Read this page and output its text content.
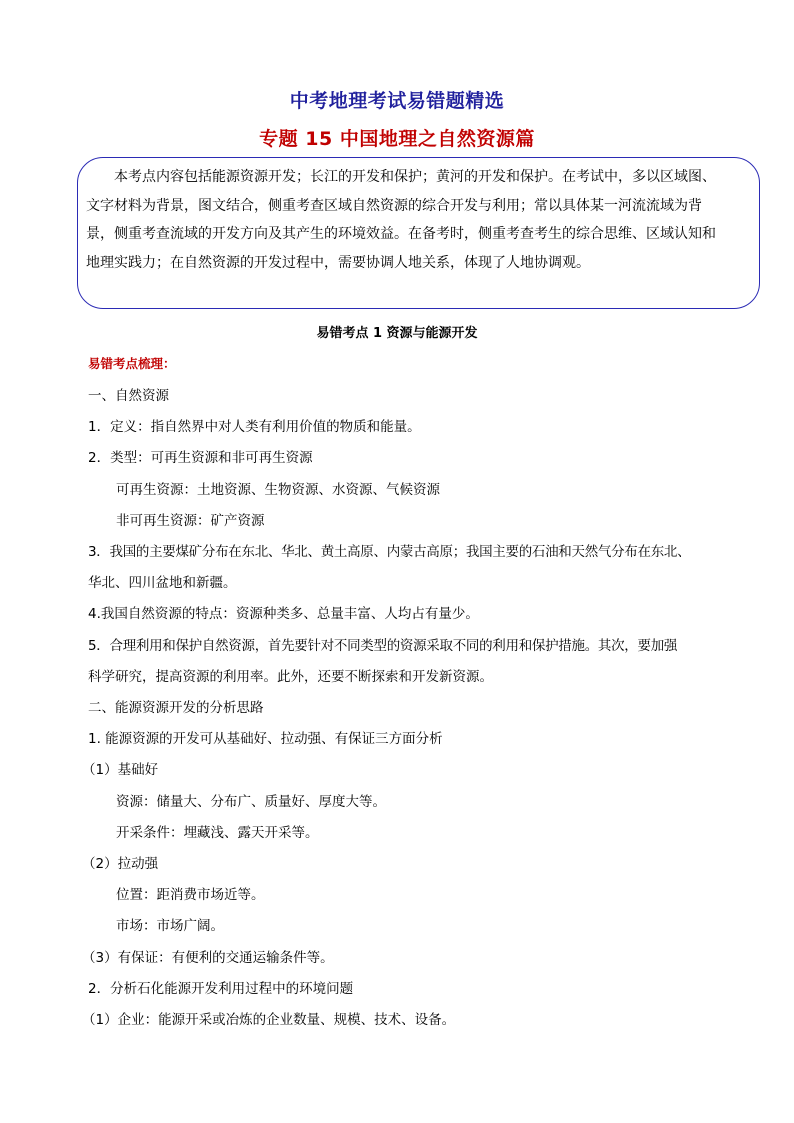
中考地理考试易错题精选
专题 15 中国地理之自然资源篇
本考点内容包括能源资源开发；长江的开发和保护；黄河的开发和保护。在考试中，多以区域图、文字材料为背景，图文结合，侧重考查区域自然资源的综合开发与利用；常以具体某一河流流域为背景，侧重考查流域的开发方向及其产生的环境效益。在备考时，侧重考查考生的综合思维、区域认知和地理实践力；在自然资源的开发过程中，需要协调人地关系，体现了人地协调观。
易错考点 1 资源与能源开发
易错考点梳理：
一、自然资源
1．定义：指自然界中对人类有利用价值的物质和能量。
2．类型：可再生资源和非可再生资源
可再生资源：土地资源、生物资源、水资源、气候资源
非可再生资源：矿产资源
3．我国的主要煤矿分布在东北、华北、黄土高原、内蒙古高原；我国主要的石油和天然气分布在东北、
华北、四川盆地和新疆。
4.我国自然资源的特点：资源种类多、总量丰富、人均占有量少。
5．合理利用和保护自然资源，首先要针对不同类型的资源采取不同的利用和保护措施。其次，要加强
科学研究，提高资源的利用率。此外，还要不断探索和开发新资源。
二、能源资源开发的分析思路
1. 能源资源的开发可从基础好、拉动强、有保证三方面分析
（1）基础好
资源：储量大、分布广、质量好、厚度大等。
开采条件：埋藏浅、露天开采等。
（2）拉动强
位置：距消费市场近等。
市场：市场广阔。
（3）有保证：有便利的交通运输条件等。
2．分析石化能源开发利用过程中的环境问题
（1）企业：能源开采或冶炼的企业数量、规模、技术、设备。
